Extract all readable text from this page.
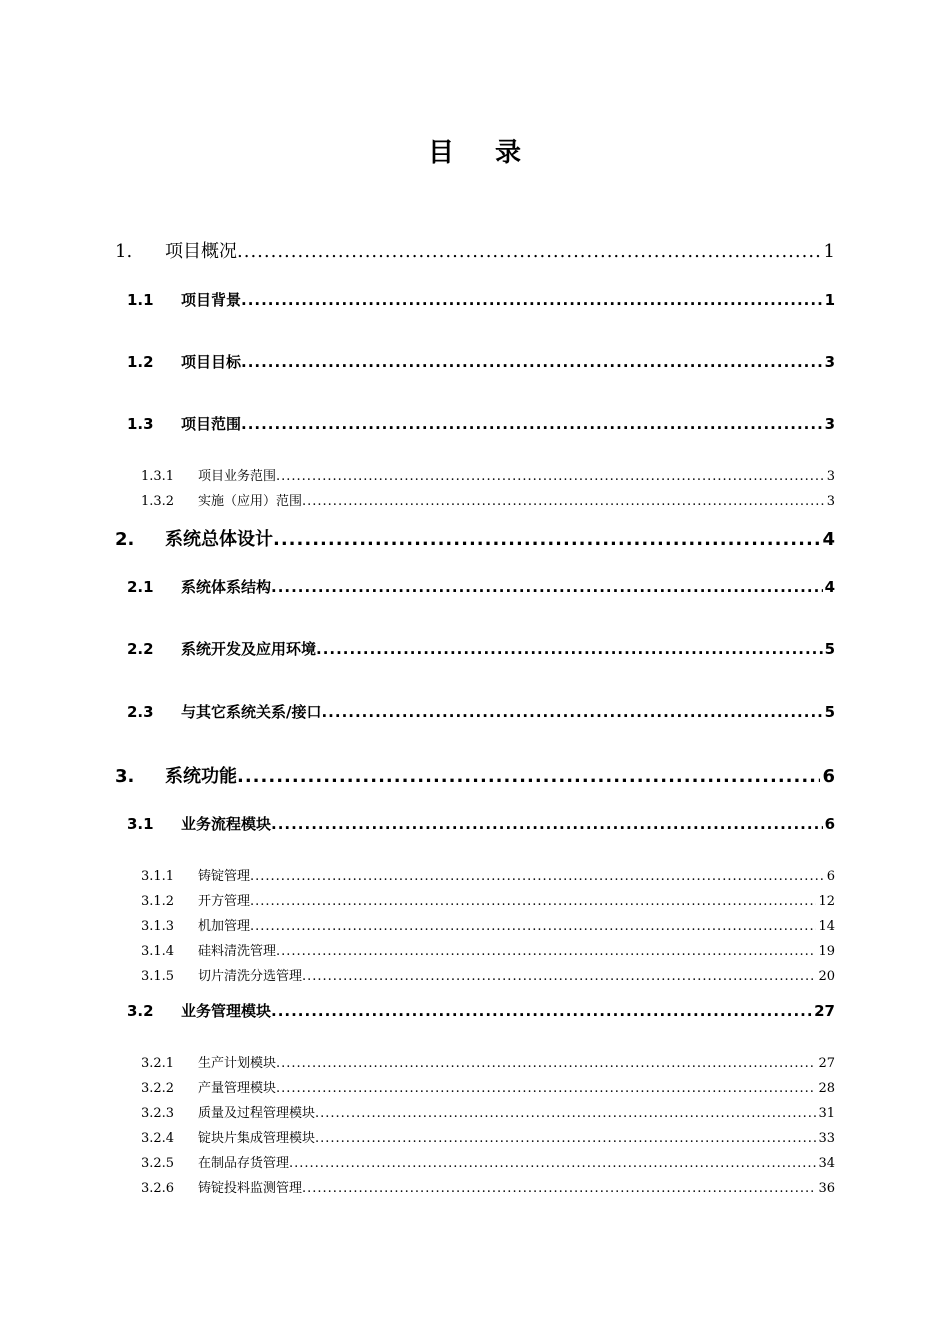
目 录
1.	项目概况 .....	1
1.1	项目背景 .....	1
1.2	项目目标 .....	3
1.3	项目范围 .....	3
1.3.1	项目业务范围 .....	3
1.3.2	实施（应用）范围 .....	3
2.	系统总体设计 .....	4
2.1	系统体系结构 .....	4
2.2	系统开发及应用环境 .....	5
2.3	与其它系统关系/接口 .....	5
3.	系统功能 .....	6
3.1	业务流程模块 .....	6
3.1.1	铸锭管理 .....	6
3.1.2	开方管理 .....	12
3.1.3	机加管理 .....	14
3.1.4	硅料清洗管理 .....	19
3.1.5	切片清洗分选管理 .....	20
3.2	业务管理模块 .....	27
3.2.1	生产计划模块 .....	27
3.2.2	产量管理模块 .....	28
3.2.3	质量及过程管理模块 .....	31
3.2.4	锭块片集成管理模块 .....	33
3.2.5	在制品存货管理 .....	34
3.2.6	铸锭投料监测管理 .....	36
